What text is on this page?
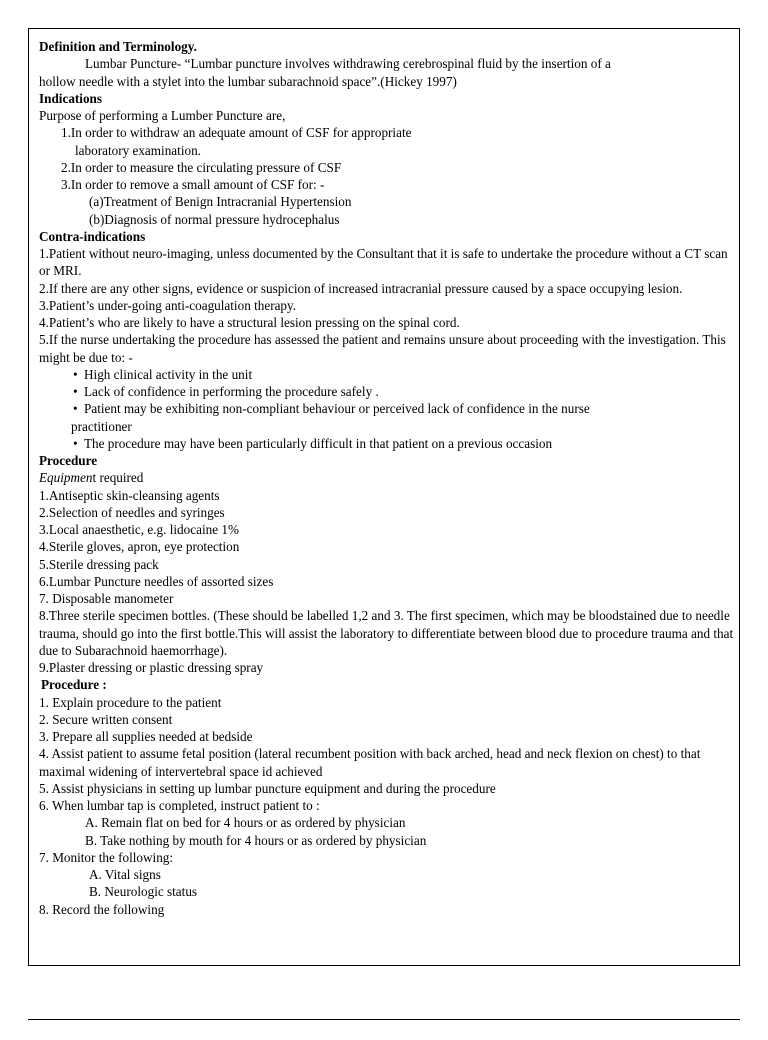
Definition and Terminology.
Lumbar Puncture- “Lumbar puncture involves withdrawing cerebrospinal fluid by the insertion of a
hollow needle with a stylet into the lumbar subarachnoid space”.(Hickey 1997)
Indications
Purpose of performing a Lumber Puncture are,
1.In order to withdraw an adequate amount of CSF for appropriate
laboratory examination.
2.In order to measure the circulating pressure of CSF
3.In order to remove a small amount of CSF for: -
(a)Treatment of Benign Intracranial Hypertension
(b)Diagnosis of normal pressure hydrocephalus
Contra-indications
1.Patient without neuro-imaging, unless documented by the Consultant that it is safe to undertake the procedure without a CT scan or MRI.
2.If there are any other signs, evidence or suspicion of increased intracranial pressure caused by a space occupying lesion.
3.Patient’s under-going anti-coagulation therapy.
4.Patient’s who are likely to have a structural lesion pressing on the spinal cord.
5.If the nurse undertaking the procedure has assessed the patient and remains unsure about proceeding with the investigation. This might be due to: -
• High clinical activity in the unit
• Lack of confidence in performing the procedure safely .
• Patient may be exhibiting non-compliant behaviour or perceived lack of confidence in the nurse
practitioner
• The procedure may have been particularly difficult in that patient on a previous occasion
Procedure
Equipment required
1.Antiseptic skin-cleansing agents
2.Selection of needles and syringes
3.Local anaesthetic, e.g. lidocaine 1%
4.Sterile gloves, apron, eye protection
5.Sterile dressing pack
6.Lumbar Puncture needles of assorted sizes
7. Disposable manometer
8.Three sterile specimen bottles. (These should be labelled 1,2 and 3. The first specimen, which may be bloodstained due to needle trauma, should go into the first bottle.This will assist the laboratory to differentiate between blood due to procedure trauma and that due to Subarachnoid haemorrhage).
9.Plaster dressing or plastic dressing spray
Procedure :
1. Explain procedure to the patient
2. Secure written consent
3. Prepare all supplies needed at bedside
4. Assist patient to assume fetal position (lateral recumbent position with back arched, head and neck flexion on chest) to that maximal widening of intervertebral space id achieved
5. Assist physicians in setting up lumbar puncture equipment and during the procedure
6. When lumbar tap is completed, instruct patient to :
A. Remain flat on bed for 4 hours or as ordered by physician
B. Take nothing by mouth for 4 hours or as ordered by physician
7. Monitor the following:
A. Vital signs
B. Neurologic status
8. Record the following
